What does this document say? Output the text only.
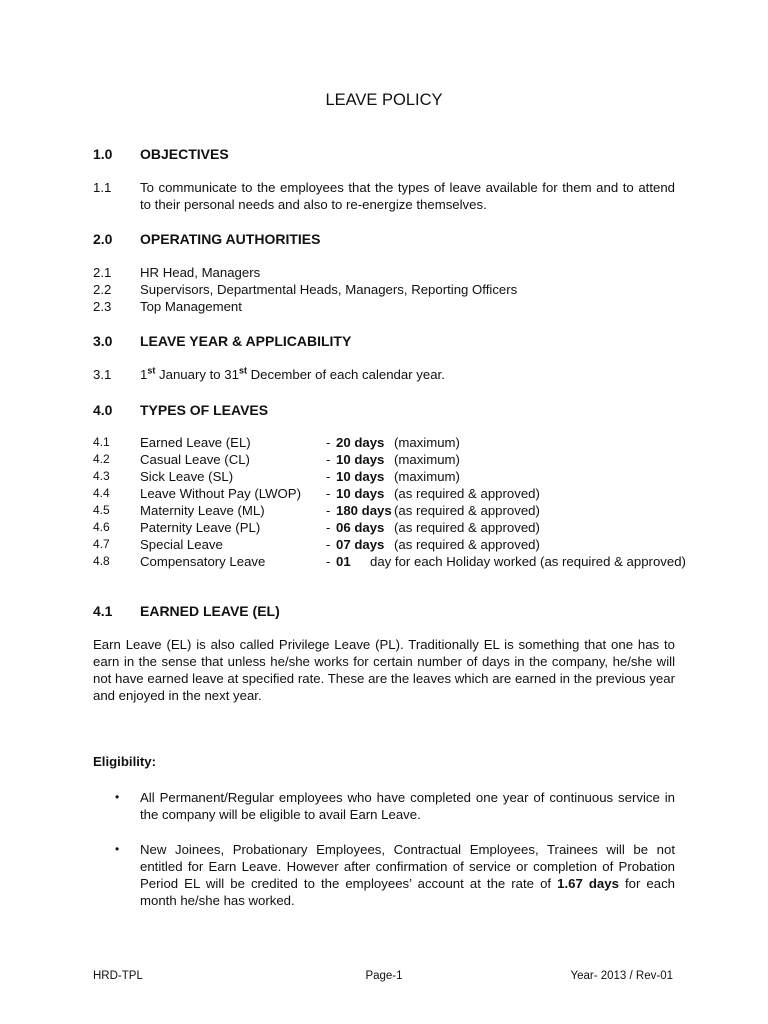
LEAVE POLICY
1.0 OBJECTIVES
1.1 To communicate to the employees that the types of leave available for them and to attend to their personal needs and also to re-energize themselves.
2.0 OPERATING AUTHORITIES
2.1 HR Head, Managers
2.2 Supervisors, Departmental Heads, Managers, Reporting Officers
2.3 Top Management
3.0 LEAVE YEAR & APPLICABILITY
3.1 1st January to 31st December of each calendar year.
4.0 TYPES OF LEAVES
4.1 Earned Leave (EL)	- 20 days (maximum)
4.2 Casual Leave (CL)	- 10 days (maximum)
4.3 Sick Leave (SL)	- 10 days (maximum)
4.4 Leave Without Pay (LWOP) - 10 days (as required & approved)
4.5 Maternity Leave (ML)	- 180 days (as required & approved)
4.6 Paternity Leave (PL)	- 06 days (as required & approved)
4.7 Special Leave	- 07 days (as required & approved)
4.8 Compensatory Leave	- 01 day for each Holiday worked (as required & approved)
4.1 EARNED LEAVE (EL)
Earn Leave (EL) is also called Privilege Leave (PL). Traditionally EL is something that one has to earn in the sense that unless he/she works for certain number of days in the company, he/she will not have earned leave at specified rate. These are the leaves which are earned in the previous year and enjoyed in the next year.
Eligibility:
• All Permanent/Regular employees who have completed one year of continuous service in the company will be eligible to avail Earn Leave.
• New Joinees, Probationary Employees, Contractual Employees, Trainees will be not entitled for Earn Leave. However after confirmation of service or completion of Probation Period EL will be credited to the employees’ account at the rate of 1.67 days for each month he/she has worked.
HRD-TPL	Page-1	Year- 2013 / Rev-01
